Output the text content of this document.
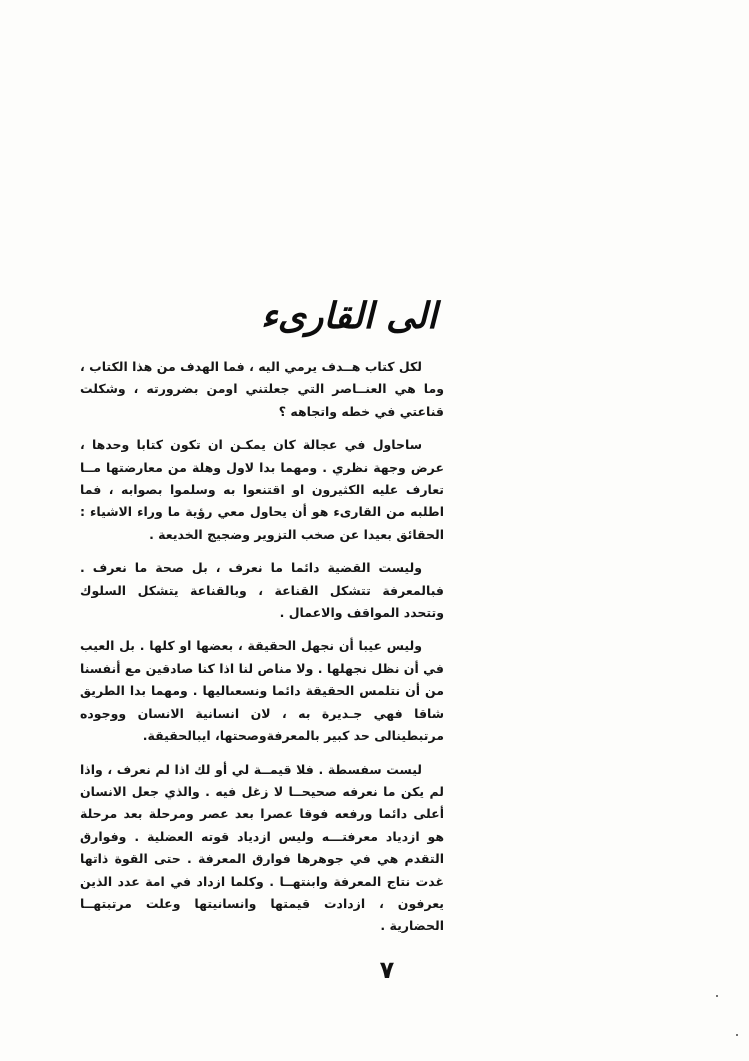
الى القارىء

لكل كتاب هــدف يرمي اليه ، فما الهدف من هذا الكتاب ، وما هي العنــاصر التي جعلتني اومن بضرورته ، وشكلت قناعتي في خطه واتجاهه ؟

ساحاول في عجالة كان يمكـن ان تكون كتابا وحدها ، عرض وجهة نظري . ومهما بدا لاول وهلة من معارضتها مــا تعارف عليه الكثيرون او اقتنعوا به وسلموا بصوابه ، فما اطلبه من القارىء هو أن يحاول معي رؤية ما وراء الاشياء : الحقائق بعيدا عن صخب التزوير وضجيج الخديعة .

وليست القضية دائما ما نعرف ، بل صحة ما نعرف . فبالمعرفة تتشكل القناعة ، وبالقناعة يتشكل السلوك وتتحدد المواقف والاعمال .

وليس عيبا أن نجهل الحقيقة ، بعضها او كلها . بل العيب في أن نظل نجهلها . ولا مناص لنا اذا كنا صادقين مع أنفسنا من أن نتلمس الحقيقة دائما ونسعىاليها . ومهما بدا الطريق شاقا فهي جـديرة به ، لان انسانية الانسان ووجوده مرتبطينالى حد كبير بالمعرفةوصحتها، ايبالحقيقة.

ليست سفسطة . فلا قيمــة لي أو لك اذا لم نعرف ، واذا لم يكن ما نعرفه صحيحــا لا زغل فيه . والذي جعل الانسان أعلى دائما ورفعه فوقا عصرا بعد عصر ومرحلة بعد مرحلة هو ازدياد معرفتـــه وليس ازدياد قوته العضلية . وفوارق التقدم هي في جوهرها فوارق المعرفة . حتى القوة ذاتها غدت نتاج المعرفة وابنتهــا . وكلما ازداد في امة عدد الذين يعرفون ، ازدادت قيمتها وانسانيتها وعلت مرتبتهــا الحضارية .

٧
